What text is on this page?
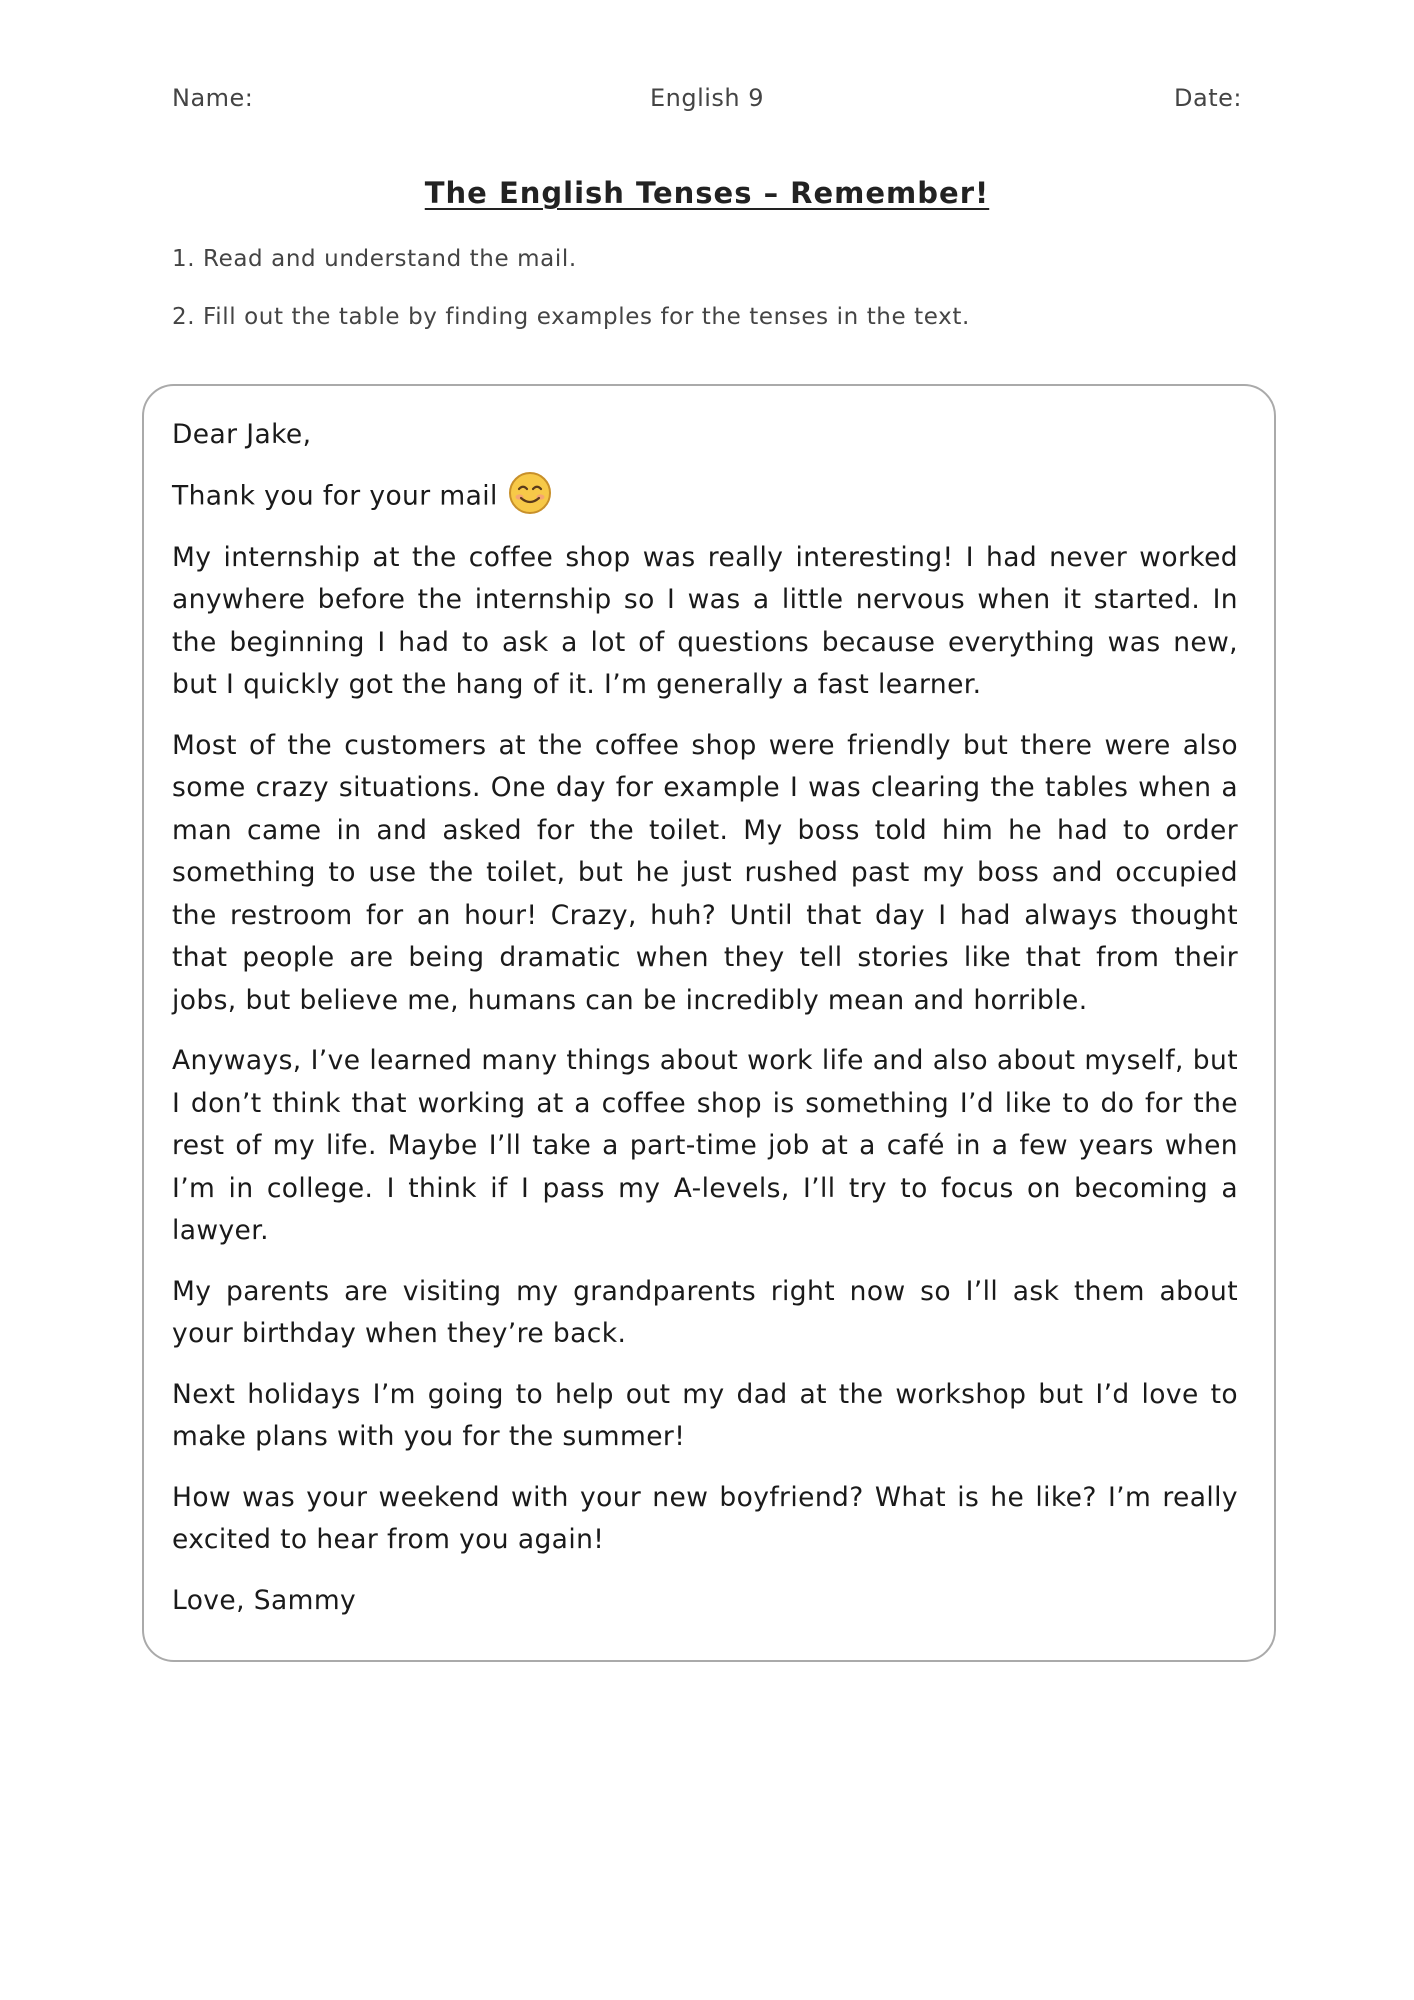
Name:	English 9	Date:
The English Tenses – Remember!
1. Read and understand the mail.
2. Fill out the table by finding examples for the tenses in the text.

Dear Jake,

Thank you for your mail

My internship at the coffee shop was really interesting! I had never worked anywhere before the internship so I was a little nervous when it started. In the beginning I had to ask a lot of questions because everything was new, but I quickly got the hang of it. I’m generally a fast learner.

Most of the customers at the coffee shop were friendly but there were also some crazy situations. One day for example I was clearing the tables when a man came in and asked for the toilet. My boss told him he had to order something to use the toilet, but he just rushed past my boss and occupied the restroom for an hour! Crazy, huh? Until that day I had always thought that people are being dramatic when they tell stories like that from their jobs, but believe me, humans can be incredibly mean and horrible.

Anyways, I’ve learned many things about work life and also about myself, but I don’t think that working at a coffee shop is something I’d like to do for the rest of my life. Maybe I’ll take a part-time job at a café in a few years when I’m in college. I think if I pass my A-levels, I’ll try to focus on becoming a lawyer.

My parents are visiting my grandparents right now so I’ll ask them about your birthday when they’re back.

Next holidays I’m going to help out my dad at the workshop but I’d love to make plans with you for the summer!

How was your weekend with your new boyfriend? What is he like? I’m really excited to hear from you again!

Love, Sammy
